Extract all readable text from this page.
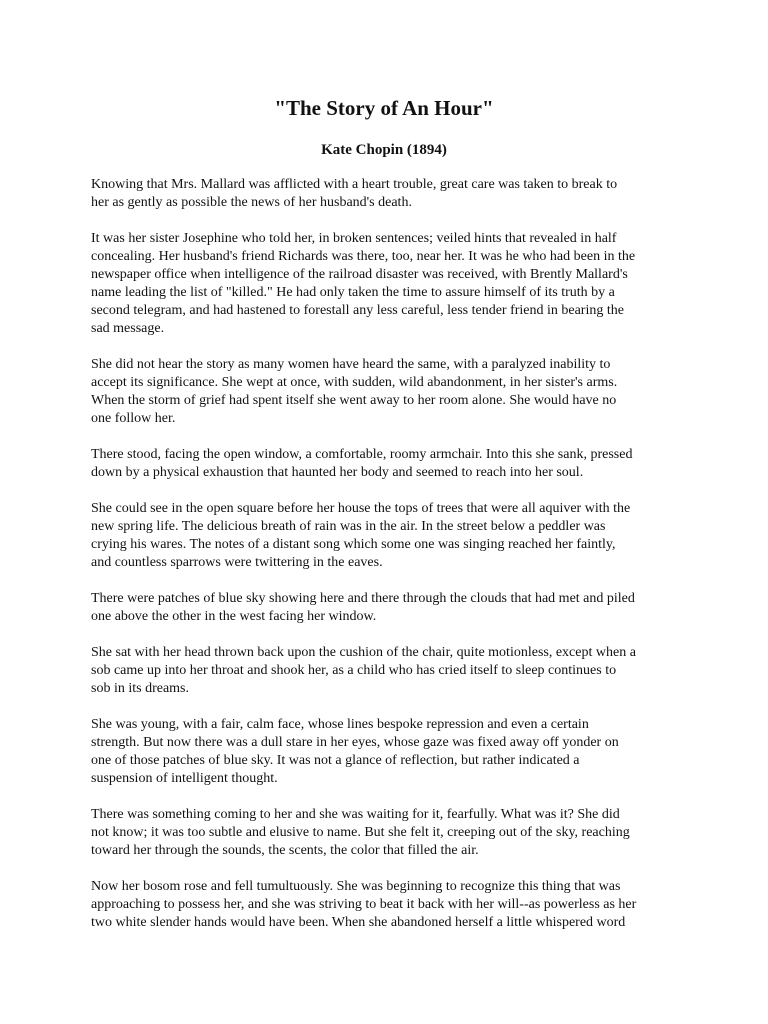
"The Story of An Hour"
Kate Chopin (1894)
Knowing that Mrs. Mallard was afflicted with a heart trouble, great care was taken to break to
her as gently as possible the news of her husband's death.
It was her sister Josephine who told her, in broken sentences; veiled hints that revealed in half
concealing. Her husband's friend Richards was there, too, near her. It was he who had been in the
newspaper office when intelligence of the railroad disaster was received, with Brently Mallard's
name leading the list of "killed." He had only taken the time to assure himself of its truth by a
second telegram, and had hastened to forestall any less careful, less tender friend in bearing the
sad message.
She did not hear the story as many women have heard the same, with a paralyzed inability to
accept its significance. She wept at once, with sudden, wild abandonment, in her sister's arms.
When the storm of grief had spent itself she went away to her room alone. She would have no
one follow her.
There stood, facing the open window, a comfortable, roomy armchair. Into this she sank, pressed
down by a physical exhaustion that haunted her body and seemed to reach into her soul.
She could see in the open square before her house the tops of trees that were all aquiver with the
new spring life. The delicious breath of rain was in the air. In the street below a peddler was
crying his wares. The notes of a distant song which some one was singing reached her faintly,
and countless sparrows were twittering in the eaves.
There were patches of blue sky showing here and there through the clouds that had met and piled
one above the other in the west facing her window.
She sat with her head thrown back upon the cushion of the chair, quite motionless, except when a
sob came up into her throat and shook her, as a child who has cried itself to sleep continues to
sob in its dreams.
She was young, with a fair, calm face, whose lines bespoke repression and even a certain
strength. But now there was a dull stare in her eyes, whose gaze was fixed away off yonder on
one of those patches of blue sky. It was not a glance of reflection, but rather indicated a
suspension of intelligent thought.
There was something coming to her and she was waiting for it, fearfully. What was it? She did
not know; it was too subtle and elusive to name. But she felt it, creeping out of the sky, reaching
toward her through the sounds, the scents, the color that filled the air.
Now her bosom rose and fell tumultuously. She was beginning to recognize this thing that was
approaching to possess her, and she was striving to beat it back with her will--as powerless as her
two white slender hands would have been. When she abandoned herself a little whispered word
